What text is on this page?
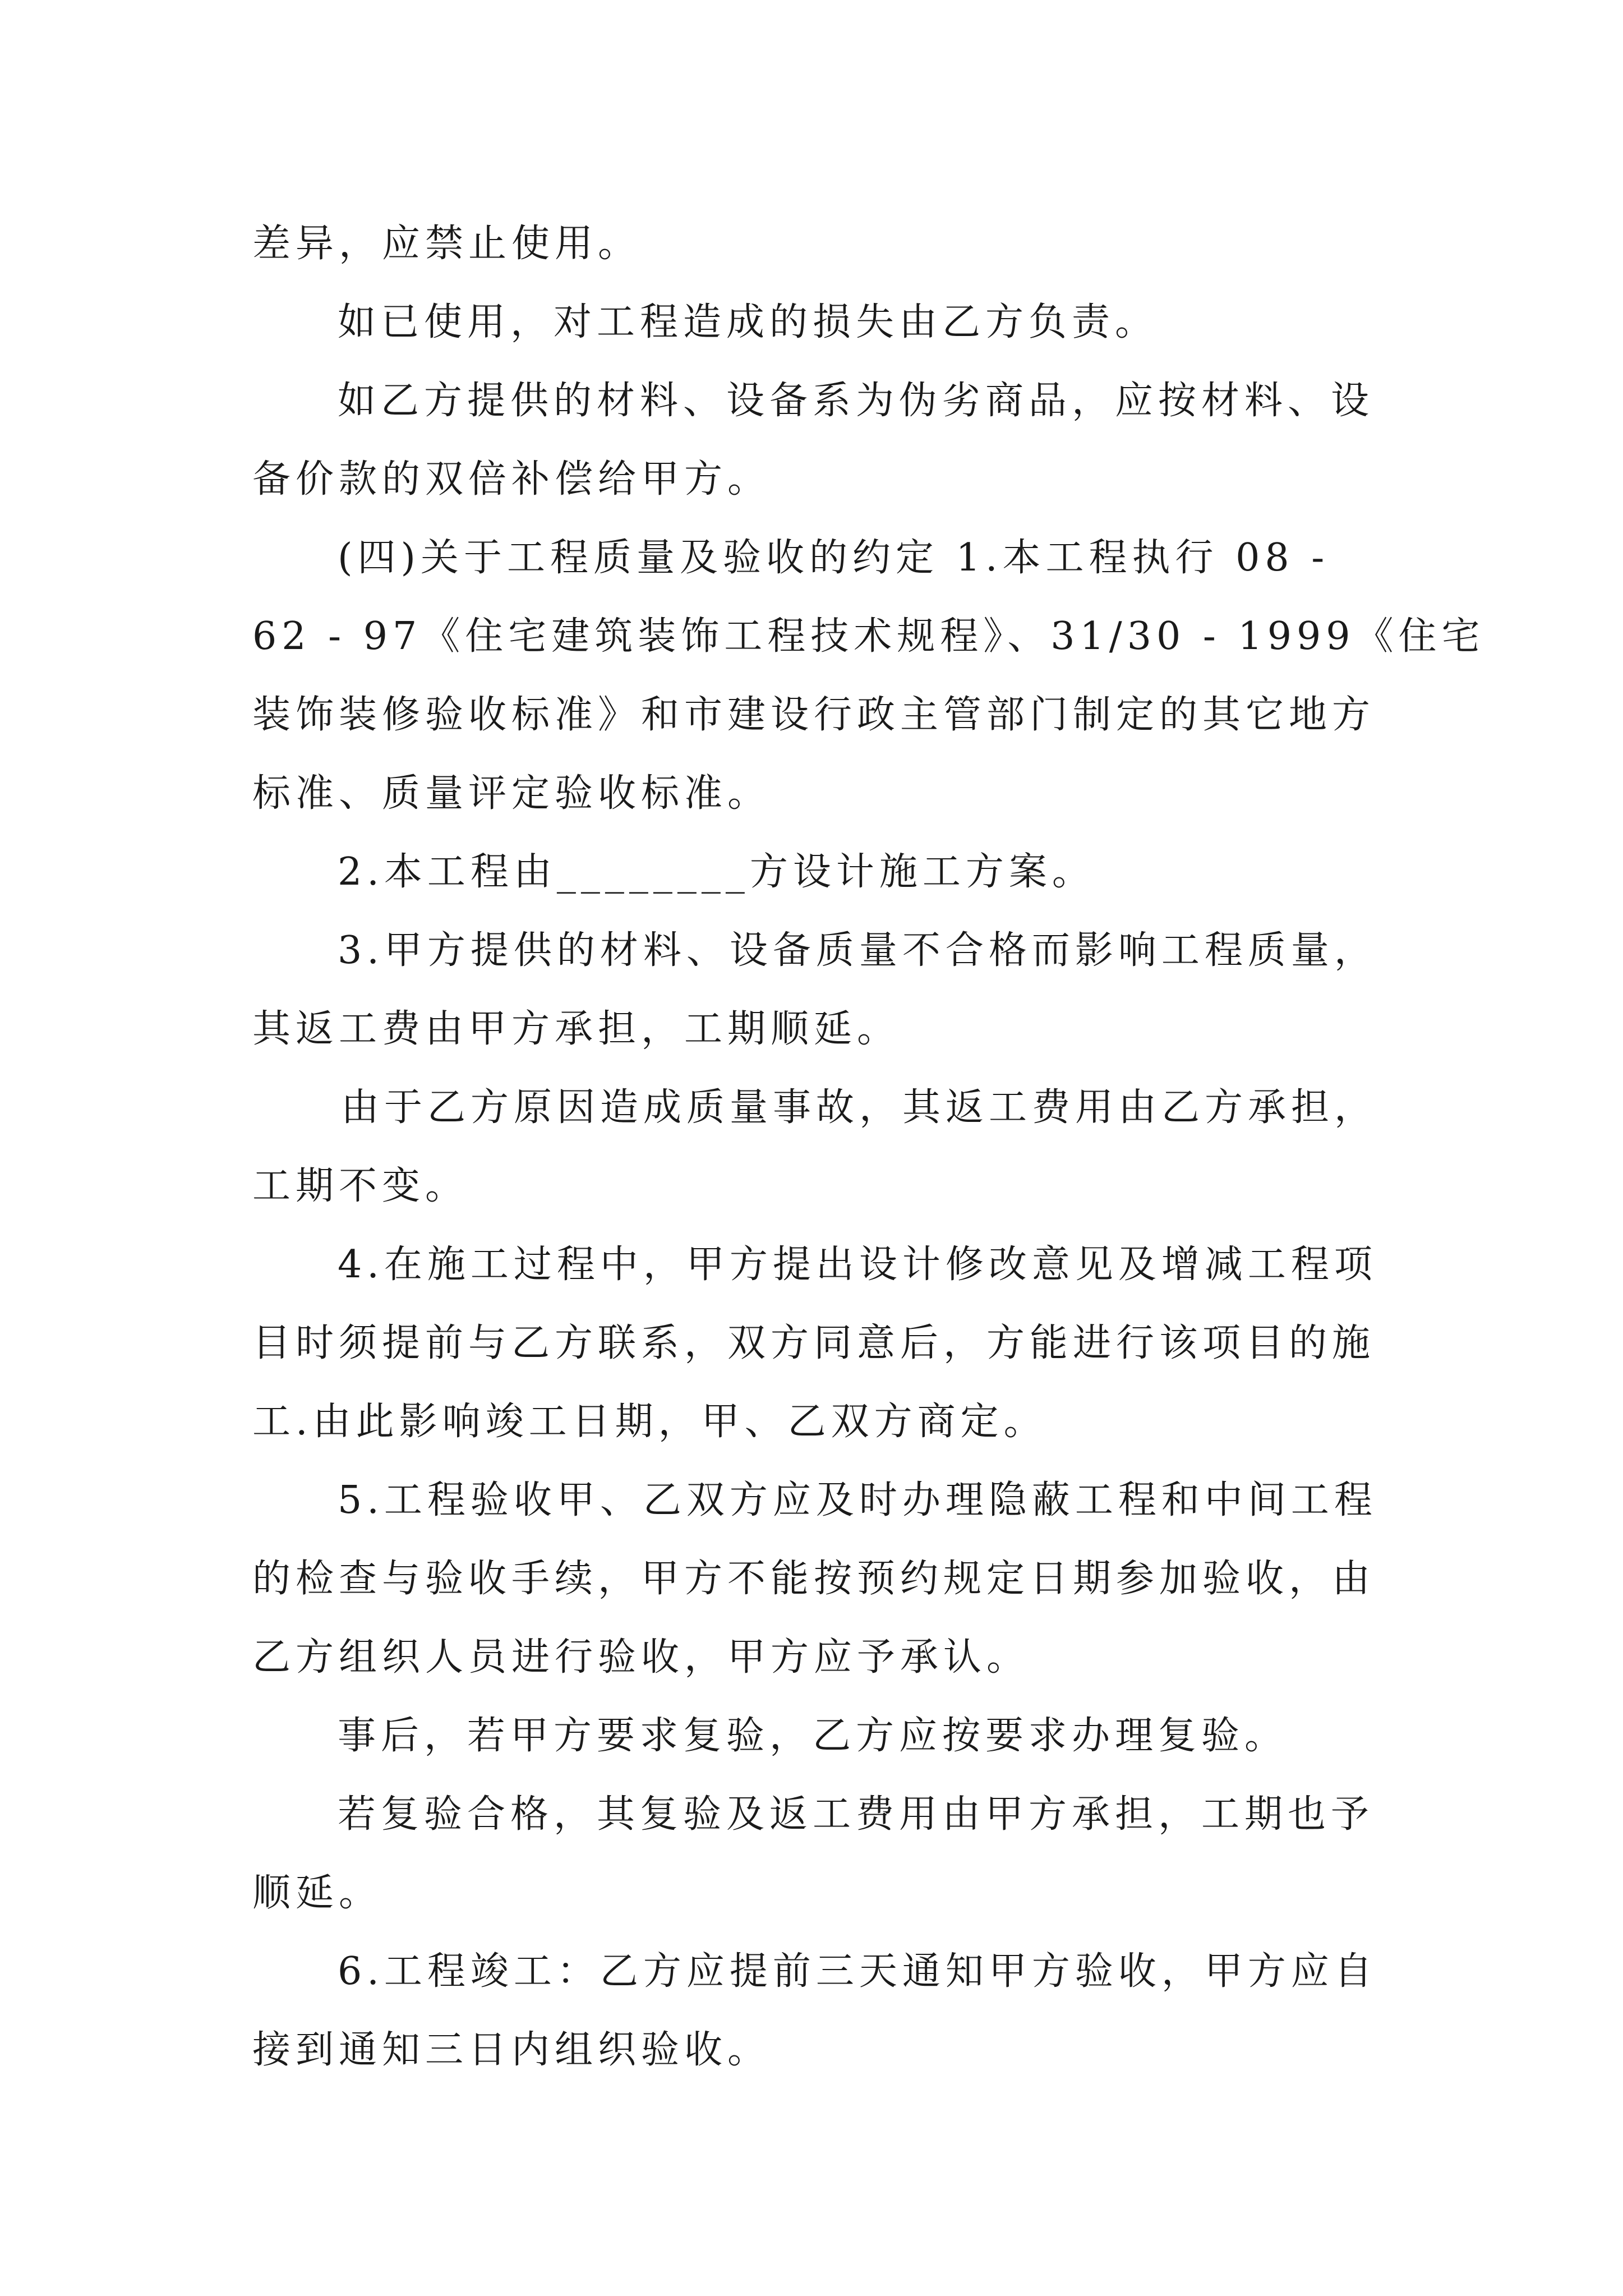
差异，应禁止使用。
如已使用，对工程造成的损失由乙方负责。
如乙方提供的材料、设备系为伪劣商品，应按材料、设
备价款的双倍补偿给甲方。
(四)关于工程质量及验收的约定 1.本工程执行 08 -
62 - 97《住宅建筑装饰工程技术规程》、31/30 - 1999《住宅
装饰装修验收标准》和市建设行政主管部门制定的其它地方
标准、质量评定验收标准。
2.本工程由________方设计施工方案。
3.甲方提供的材料、设备质量不合格而影响工程质量，
其返工费由甲方承担，工期顺延。
由于乙方原因造成质量事故，其返工费用由乙方承担，
工期不变。
4.在施工过程中，甲方提出设计修改意见及增减工程项
目时须提前与乙方联系，双方同意后，方能进行该项目的施
工.由此影响竣工日期，甲、乙双方商定。
5.工程验收甲、乙双方应及时办理隐蔽工程和中间工程
的检查与验收手续，甲方不能按预约规定日期参加验收，由
乙方组织人员进行验收，甲方应予承认。
事后，若甲方要求复验，乙方应按要求办理复验。
若复验合格，其复验及返工费用由甲方承担，工期也予
顺延。
6.工程竣工：乙方应提前三天通知甲方验收，甲方应自
接到通知三日内组织验收。
